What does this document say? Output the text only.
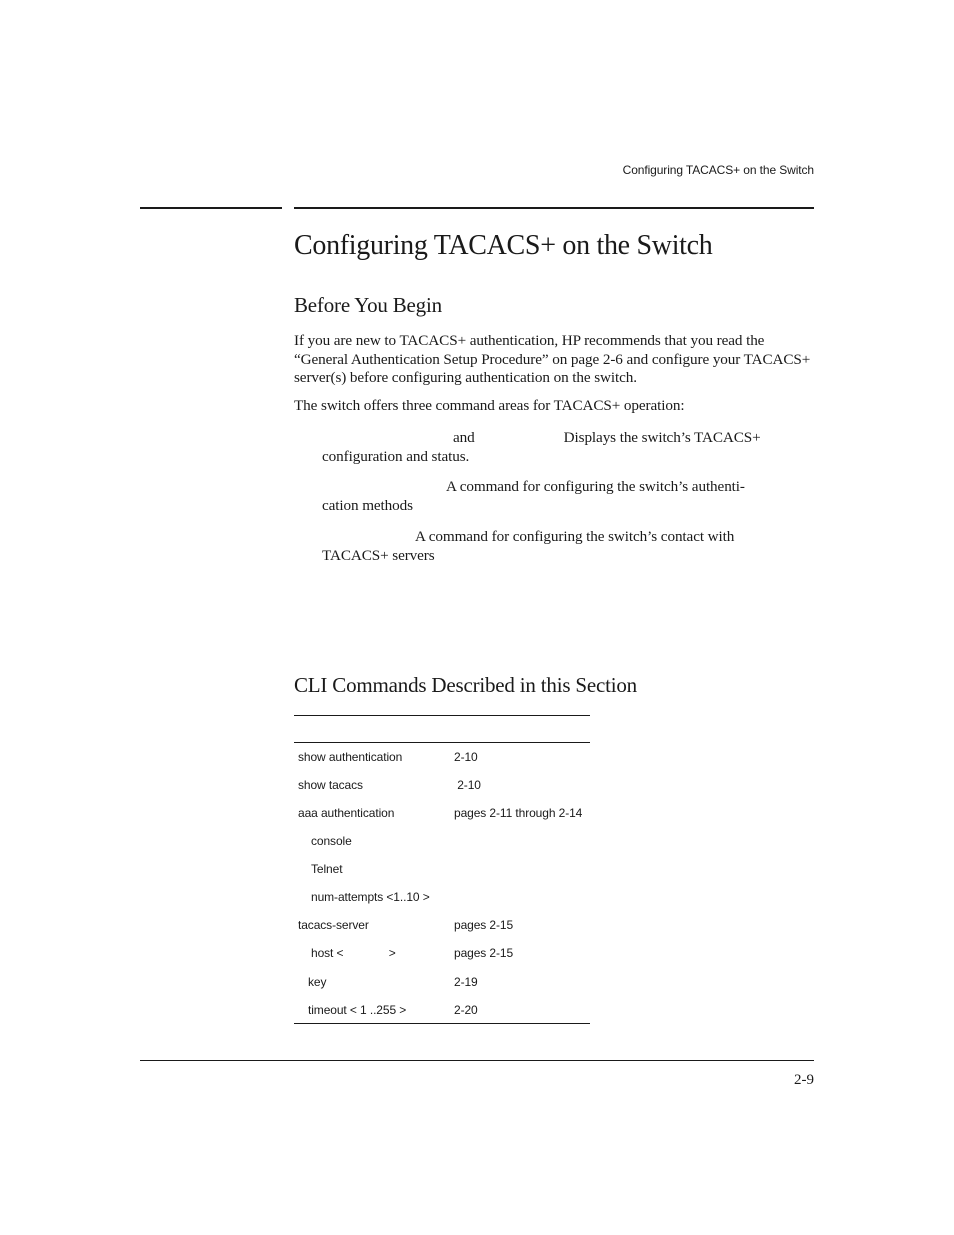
Configuring TACACS+ on the Switch
Configuring TACACS+ on the Switch
Before You Begin

If you are new to TACACS+ authentication, HP recommends that you read the “General Authentication Setup Procedure” on page 2-6 and configure your TACACS+ server(s) before configuring authentication on the switch.

The switch offers three command areas for TACACS+ operation:

and	Displays the switch’s TACACS+
configuration and status.
A command for configuring the switch’s authenti-
cation methods
A command for configuring the switch’s contact with
TACACS+ servers
CLI Commands Described in this Section
show authentication	2-10
show tacacs	2-10
aaa authentication	pages 2-11 through 2-14
console
Telnet
num-attempts <1..10 >
tacacs-server	pages 2-15
host <              >	pages 2-15
key	2-19
timeout < 1 ..255 >	2-20
2-9
